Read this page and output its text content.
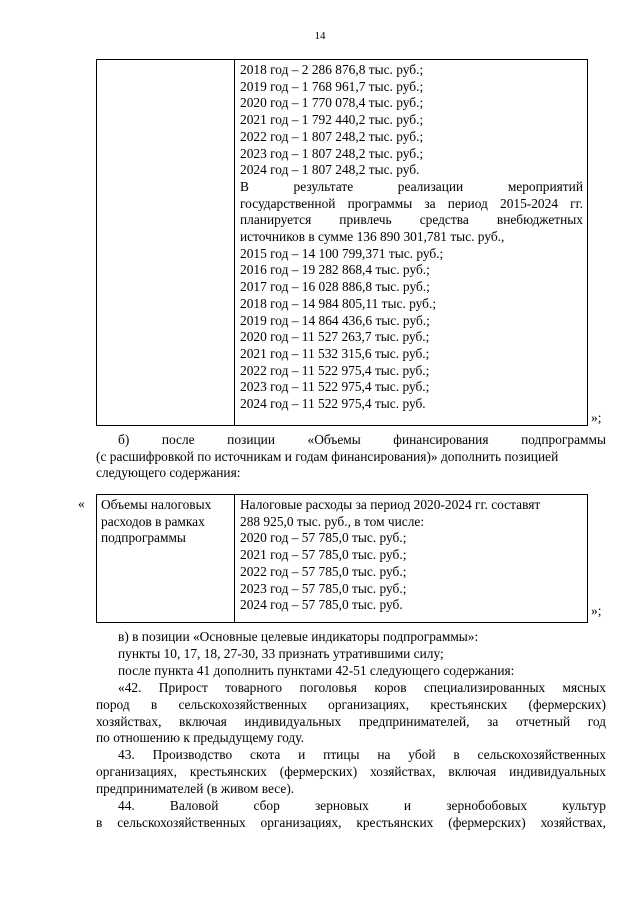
14
2018 год – 2 286 876,8 тыс. руб.;
2019 год – 1 768 961,7 тыс. руб.;
2020 год – 1 770 078,4 тыс. руб.;
2021 год – 1 792 440,2 тыс. руб.;
2022 год – 1 807 248,2 тыс. руб.;
2023 год – 1 807 248,2 тыс. руб.;
2024 год – 1 807 248,2 тыс. руб.
В результате реализации мероприятий
государственной программы за период 2015-2024 гг.
планируется привлечь средства внебюджетных
источников в сумме 136 890 301,781 тыс. руб.,
2015 год – 14 100 799,371 тыс. руб.;
2016 год – 19 282 868,4 тыс. руб.;
2017 год – 16 028 886,8 тыс. руб.;
2018 год – 14 984 805,11 тыс. руб.;
2019 год – 14 864 436,6 тыс. руб.;
2020 год – 11 527 263,7 тыс. руб.;
2021 год – 11 532 315,6 тыс. руб.;
2022 год – 11 522 975,4 тыс. руб.;
2023 год – 11 522 975,4 тыс. руб.;
2024 год – 11 522 975,4 тыс. руб.
»;
б) после позиции «Объемы финансирования подпрограммы
(с расшифровкой по источникам и годам финансирования)» дополнить позицией
следующего содержания:
« Объемы налоговых
расходов в рамках
подпрограммы
Налоговые расходы за период 2020-2024 гг. составят
288 925,0 тыс. руб., в том числе:
2020 год – 57 785,0 тыс. руб.;
2021 год – 57 785,0 тыс. руб.;
2022 год – 57 785,0 тыс. руб.;
2023 год – 57 785,0 тыс. руб.;
2024 год – 57 785,0 тыс. руб.	»;
в) в позиции «Основные целевые индикаторы подпрограммы»:
пункты 10, 17, 18, 27-30, 33 признать утратившими силу;
после пункта 41 дополнить пунктами 42-51 следующего содержания:
«42. Прирост товарного поголовья коров специализированных мясных
пород в сельскохозяйственных организациях, крестьянских (фермерских)
хозяйствах, включая индивидуальных предпринимателей, за отчетный год
по отношению к предыдущему году.
43. Производство скота и птицы на убой в сельскохозяйственных
организациях, крестьянских (фермерских) хозяйствах, включая индивидуальных
предпринимателей (в живом весе).
44. Валовой сбор зерновых и зернобобовых культур
в сельскохозяйственных организациях, крестьянских (фермерских) хозяйствах,
